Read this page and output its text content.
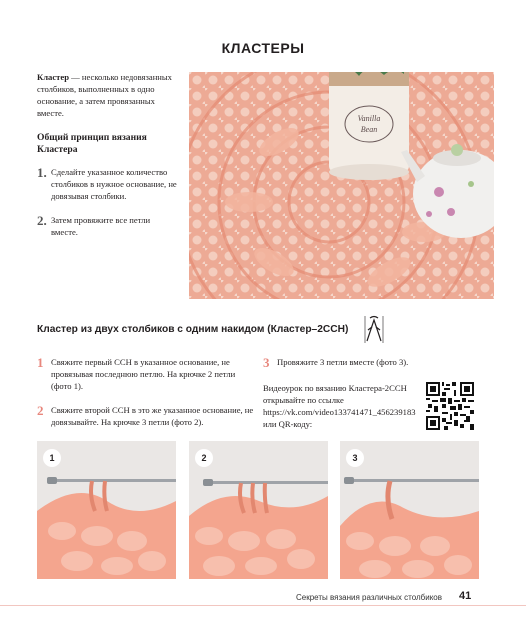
КЛАСТЕРЫ

Кластер — несколько недовязанных столбиков, выполненных в одно основание, а затем провязанных вместе.

Общий принцип вязания Кластера
1. Сделайте указанное количество столбиков в нужное основание, не довязывая столбики.
2. Затем провяжите все петли вместе.
Vanilla
Bean
Кластер из двух столбиков с одним накидом (Кластер–2ССН)
1 Свяжите первый ССН в указанное основание, не провязывая последнюю петлю. На крючке 2 петли (фото 1).
2 Свяжите второй ССН в это же указанное основание, не довязывайте. На крючке 3 петли (фото 2).
3 Провяжите 3 петли вместе (фото 3).
Видеоурок по вязанию Кластера-2ССН открывайте по ссылке https://vk.com/video133741471_456239183 или QR-коду:
1	2	3
Секреты вязания различных столбиков 41
